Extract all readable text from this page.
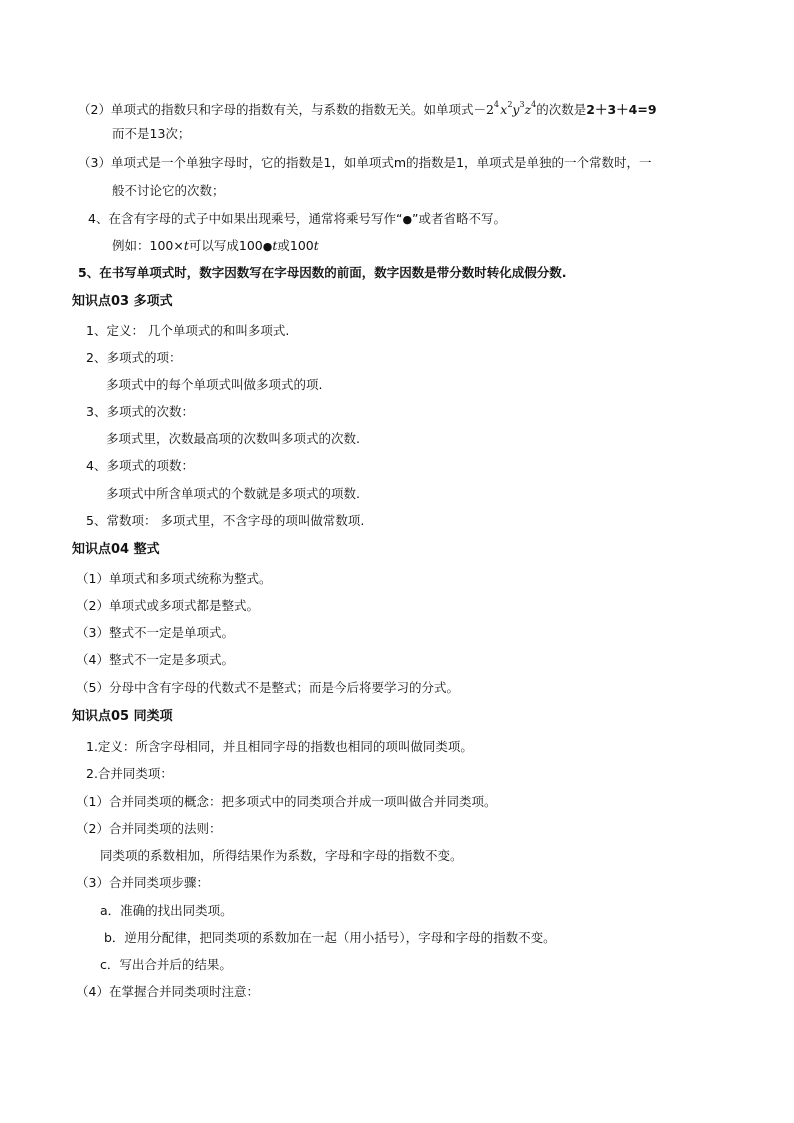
（2）单项式的指数只和字母的指数有关，与系数的指数无关。如单项式$-2^4$ $x^2y^3z^4$的次数是2＋3＋4=9
而不是13次；
（3）单项式是一个单独字母时，它的指数是1，如单项式m的指数是1，单项式是单独的一个常数时，一
般不讨论它的次数；
4、在含有字母的式子中如果出现乘号，通常将乘号写作“●”或者省略不写。
例如：100×t可以写成100●t或100t
5、在书写单项式时，数字因数写在字母因数的前面，数字因数是带分数时转化成假分数.
知识点03 多项式
1、定义： 几个单项式的和叫多项式.
2、多项式的项：
多项式中的每个单项式叫做多项式的项.
3、多项式的次数：
多项式里，次数最高项的次数叫多项式的次数.
4、多项式的项数：
多项式中所含单项式的个数就是多项式的项数.
5、常数项： 多项式里，不含字母的项叫做常数项.
知识点04 整式
（1）单项式和多项式统称为整式。
（2）单项式或多项式都是整式。
（3）整式不一定是单项式。
（4）整式不一定是多项式。
（5）分母中含有字母的代数式不是整式；而是今后将要学习的分式。
知识点05 同类项
1.定义：所含字母相同，并且相同字母的指数也相同的项叫做同类项。
2.合并同类项：
（1）合并同类项的概念：把多项式中的同类项合并成一项叫做合并同类项。
（2）合并同类项的法则：
同类项的系数相加，所得结果作为系数，字母和字母的指数不变。
（3）合并同类项步骤：
a．准确的找出同类项。
b．逆用分配律，把同类项的系数加在一起（用小括号），字母和字母的指数不变。
c．写出合并后的结果。
（4）在掌握合并同类项时注意：
